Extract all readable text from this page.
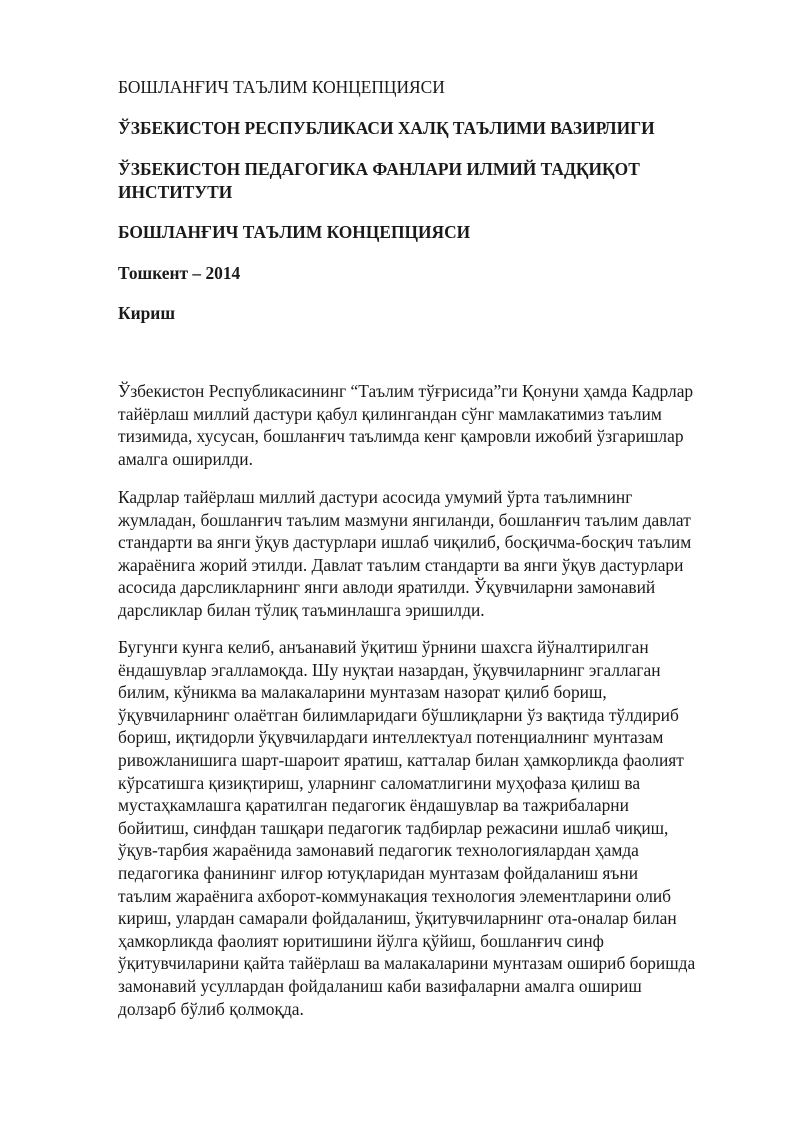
БОШЛАНҒИЧ ТАЪЛИМ КОНЦЕПЦИЯСИ

ЎЗБЕКИСТОН РЕСПУБЛИКАСИ ХАЛҚ ТАЪЛИМИ ВАЗИРЛИГИ

ЎЗБЕКИСТОН ПЕДАГОГИКА ФАНЛАРИ ИЛМИЙ ТАДҚИҚОТ

ИНСТИТУТИ

БОШЛАНҒИЧ ТАЪЛИМ КОНЦЕПЦИЯСИ

Тошкент – 2014

Кириш

Ўзбекистон Республикасининг “Таълим тўғрисида”ги Қонуни ҳамда Кадрлар
тайёрлаш миллий дастури қабул қилингандан сўнг мамлакатимиз таълим
тизимида, хусусан, бошланғич таълимда кенг қамровли ижобий ўзгаришлар
амалга оширилди.
Кадрлар тайёрлаш миллий дастури асосида умумий ўрта таълимнинг
жумладан, бошланғич таълим мазмуни янгиланди, бошланғич таълим давлат
стандарти ва янги ўқув дастурлари ишлаб чиқилиб, босқичма-босқич таълим
жараёнига жорий этилди. Давлат таълим стандарти ва янги ўқув дастурлари
асосида дарсликларнинг янги авлоди яратилди. Ўқувчиларни замонавий
дарсликлар билан тўлиқ таъминлашга эришилди.
Бугунги кунга келиб, анъанавий ўқитиш ўрнини шахсга йўналтирилган
ёндашувлар эгалламоқда. Шу нуқтаи назардан, ўқувчиларнинг эгаллаган
билим, кўникма ва малакаларини мунтазам назорат қилиб бориш,
ўқувчиларнинг олаётган билимларидаги бўшлиқларни ўз вақтида тўлдириб
бориш, иқтидорли ўқувчилардаги интеллектуал потенциалнинг мунтазам
ривожланишига шарт-шароит яратиш, катталар билан ҳамкорликда фаолият
кўрсатишга қизиқтириш, уларнинг саломатлигини муҳофаза қилиш ва
мустаҳкамлашга қаратилган педагогик ёндашувлар ва тажрибаларни
бойитиш, синфдан ташқари педагогик тадбирлар режасини ишлаб чиқиш,
ўқув-тарбия жараёнида замонавий педагогик технологиялардан ҳамда
педагогика фанининг илғор ютуқларидан мунтазам фойдаланиш яъни
таълим жараёнига ахборот-коммунакация технология элементларини олиб
кириш, улардан самарали фойдаланиш, ўқитувчиларнинг ота-оналар билан
ҳамкорликда фаолият юритишини йўлга қўйиш, бошланғич синф
ўқитувчиларини қайта тайёрлаш ва малакаларини мунтазам ошириб боришда
замонавий усуллардан фойдаланиш каби вазифаларни амалга ошириш
долзарб бўлиб қолмоқда.
